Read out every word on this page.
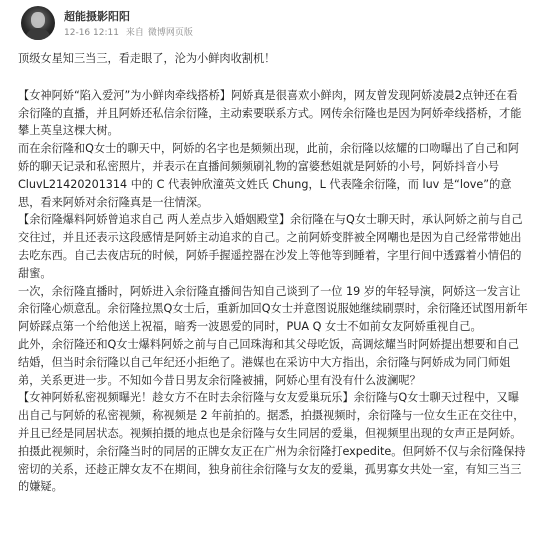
超能摄影阳阳
12-16 12:11 来自 微博网页版

顶级女星知三当三，看走眼了，沦为小鲜肉收割机！

【女神阿娇“陷入爱河”为小鲜肉牵线搭桥】阿娇真是很喜欢小鲜肉，网友曾发现阿娇凌晨2点钟还在看余衍隆的直播，并且阿娇还私信余衍隆，主动索要联系方式。网传余衍隆也是因为阿娇牵线搭桥，才能攀上英皇这棵大树。

而在余衍隆和Q女士的聊天中，阿娇的名字也是频频出现，此前，余衍隆以炫耀的口吻曝出了自己和阿娇的聊天记录和私密照片，并表示在直播间频频刷礼物的富婆愁姐就是阿娇的小号，阿娇抖音小号 CluvL21420201314 中的 C 代表钟欣潼英文姓氏 Chung，L 代表隆余衍隆，而 luv 是“love”的意思，看来阿娇对余衍隆真是一往情深。

【余衍隆爆料阿娇曾追求自己 两人差点步入婚姻殿堂】余衍隆在与Q女士聊天时，承认阿娇之前与自己交往过，并且还表示这段感情是阿娇主动追求的自己。之前阿娇变胖被全网嘲也是因为自己经常带她出去吃东西。自己去夜店玩的时候，阿娇手握遥控器在沙发上等他等到睡着，字里行间中透露着小情侣的甜蜜。

一次，余衍隆直播时，阿娇进入余衍隆直播间告知自己谈到了一位 19 岁的年轻导演，阿娇这一发言让余衍隆心烦意乱。余衍隆拉黑Q女士后，重新加回Q女士并意图说服她继续刷票时，余衍隆还试图用新年阿娇踩点第一个给他送上祝福，暗秀一波恩爱的同时，PUA Q 女士不如前女友阿娇重视自己。

此外，余衍隆还和Q女士爆料阿娇之前与自己回珠海和其父母吃饭，高调炫耀当时阿娇提出想要和自己结婚，但当时余衍隆以自己年纪还小拒绝了。港媒也在采访中大方指出，余衍隆与阿娇成为同门师姐弟，关系更进一步。不知如今昔日男友余衍隆被捕，阿娇心里有没有什么波澜呢？

【女神阿娇私密视频曝光！趁女方不在时去余衍隆与女友爱巢玩乐】余衍隆与Q女士聊天过程中，又曝出自己与阿娇的私密视频，称视频是 2 年前拍的。据悉，拍摄视频时，余衍隆与一位女生正在交往中，并且已经是同居状态。视频拍摄的地点也是余衍隆与女生同居的爱巢，但视频里出现的女声正是阿娇。拍摄此视频时，余衍隆当时的同居的正牌女友正在广州为余衍隆打expedite。但阿娇不仅与余衍隆保持密切的关系，还趁正牌女友不在期间，独身前往余衍隆与女友的爱巢，孤男寡女共处一室，有知三当三的嫌疑。
